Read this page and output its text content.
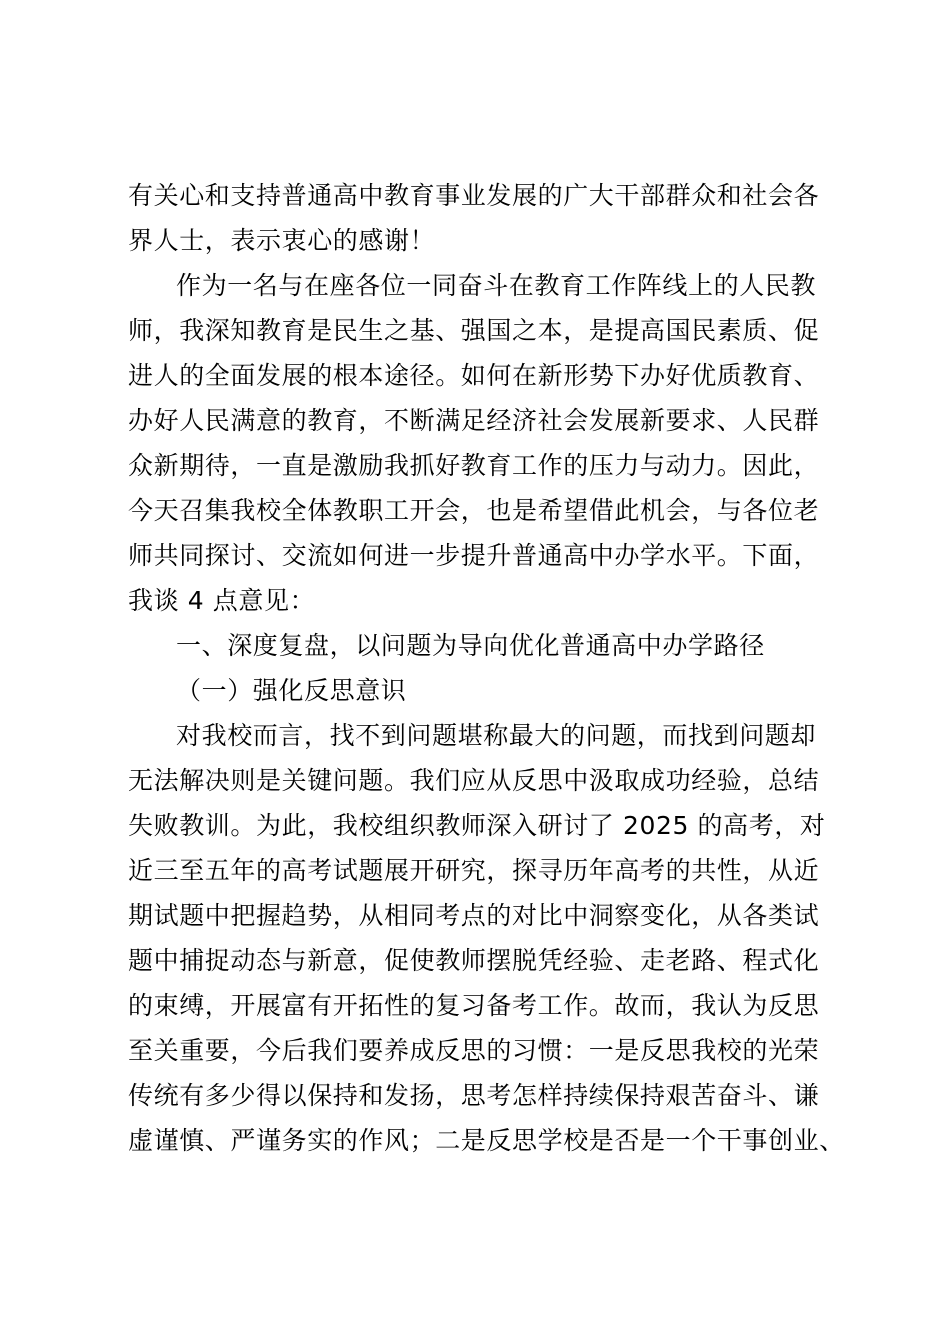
有关心和支持普通高中教育事业发展的广大干部群众和社会各
界人士，表示衷心的感谢！
作为一名与在座各位一同奋斗在教育工作阵线上的人民教
师，我深知教育是民生之基、强国之本，是提高国民素质、促
进人的全面发展的根本途径。如何在新形势下办好优质教育、
办好人民满意的教育，不断满足经济社会发展新要求、人民群
众新期待，一直是激励我抓好教育工作的压力与动力。因此，
今天召集我校全体教职工开会，也是希望借此机会，与各位老
师共同探讨、交流如何进一步提升普通高中办学水平。下面，
我谈 4 点意见：
一、深度复盘，以问题为导向优化普通高中办学路径
（一）强化反思意识
对我校而言，找不到问题堪称最大的问题，而找到问题却
无法解决则是关键问题。我们应从反思中汲取成功经验，总结
失败教训。为此，我校组织教师深入研讨了 2025 的高考，对
近三至五年的高考试题展开研究，探寻历年高考的共性，从近
期试题中把握趋势，从相同考点的对比中洞察变化，从各类试
题中捕捉动态与新意，促使教师摆脱凭经验、走老路、程式化
的束缚，开展富有开拓性的复习备考工作。故而，我认为反思
至关重要，今后我们要养成反思的习惯：一是反思我校的光荣
传统有多少得以保持和发扬，思考怎样持续保持艰苦奋斗、谦
虚谨慎、严谨务实的作风；二是反思学校是否是一个干事创业、
